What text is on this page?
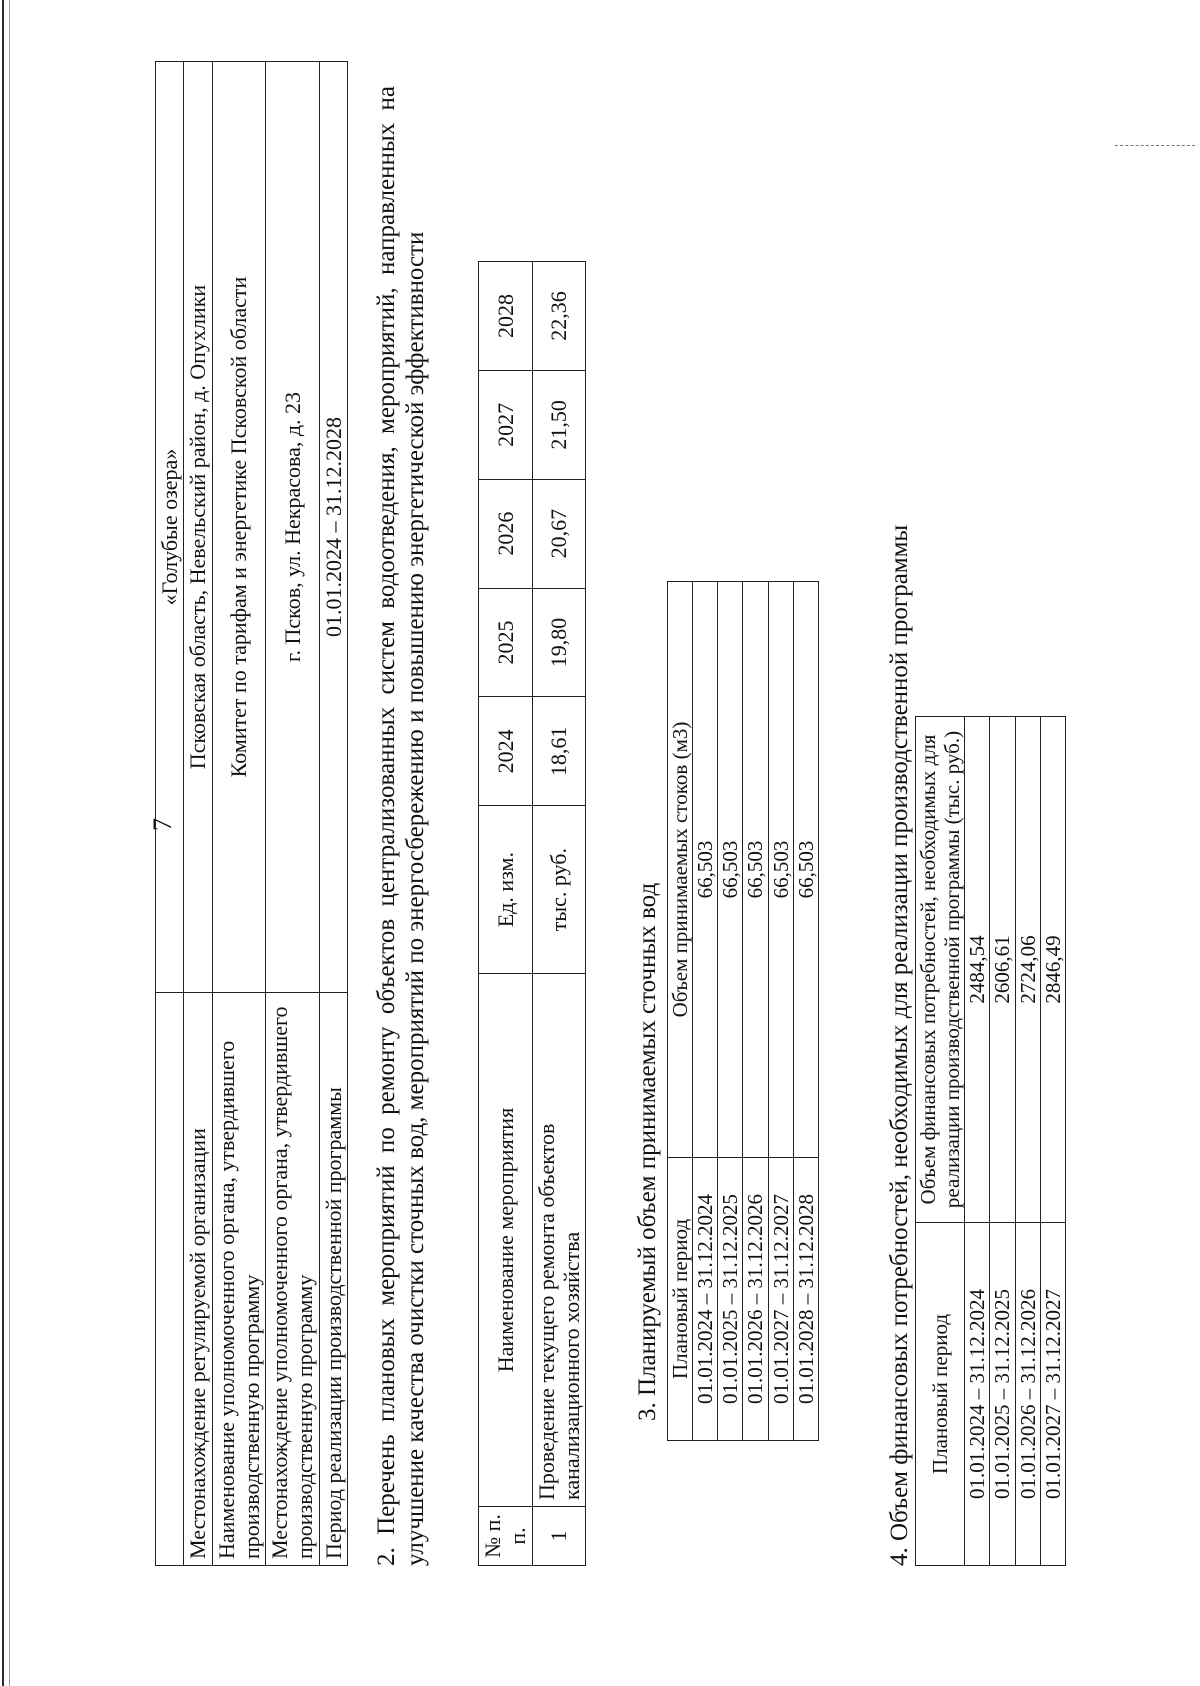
7
	«Голубые озера»
Местонахождение регулируемой организации	Псковская область, Невельский район, д. Опухлики
Наименование уполномоченного органа, утвердившего производственную программу	Комитет по тарифам и энергетике Псковской области
Местонахождение уполномоченного органа, утвердившего производственную программу	г. Псков, ул. Некрасова, д. 23
Период реализации производственной программы	01.01.2024 – 31.12.2028 2. Перечень плановых мероприятий по ремонту объектов централизованных систем водоотведения, мероприятий, направленных на улучшение качества очистки сточных вод, мероприятий по энергосбережению и повышению энергетической эффективности № п. п.	Наименование мероприятия	Ед. изм.	2024	2025	2026	2027	2028
1	Проведение текущего ремонта объектов канализационного хозяйства	тыс. руб.	18,61	19,80	20,67	21,50	22,36
3. Планируемый объем принимаемых сточных вод Плановый период	Объем принимаемых стоков (м3)
01.01.2024 – 31.12.2024	66,503
01.01.2025 – 31.12.2025	66,503
01.01.2026 – 31.12.2026	66,503
01.01.2027 – 31.12.2027	66,503
01.01.2028 – 31.12.2028	66,503	4. Объем финансовых потребностей, необходимых для реализации производственной программы Плановый период	Объем финансовых потребностей, необходимых для реализации производственной программы (тыс. руб.)
01.01.2024 – 31.12.2024	2484,54
01.01.2025 – 31.12.2025	2606,61
01.01.2026 – 31.12.2026	2724,06
01.01.2027 – 31.12.2027	2846,49
